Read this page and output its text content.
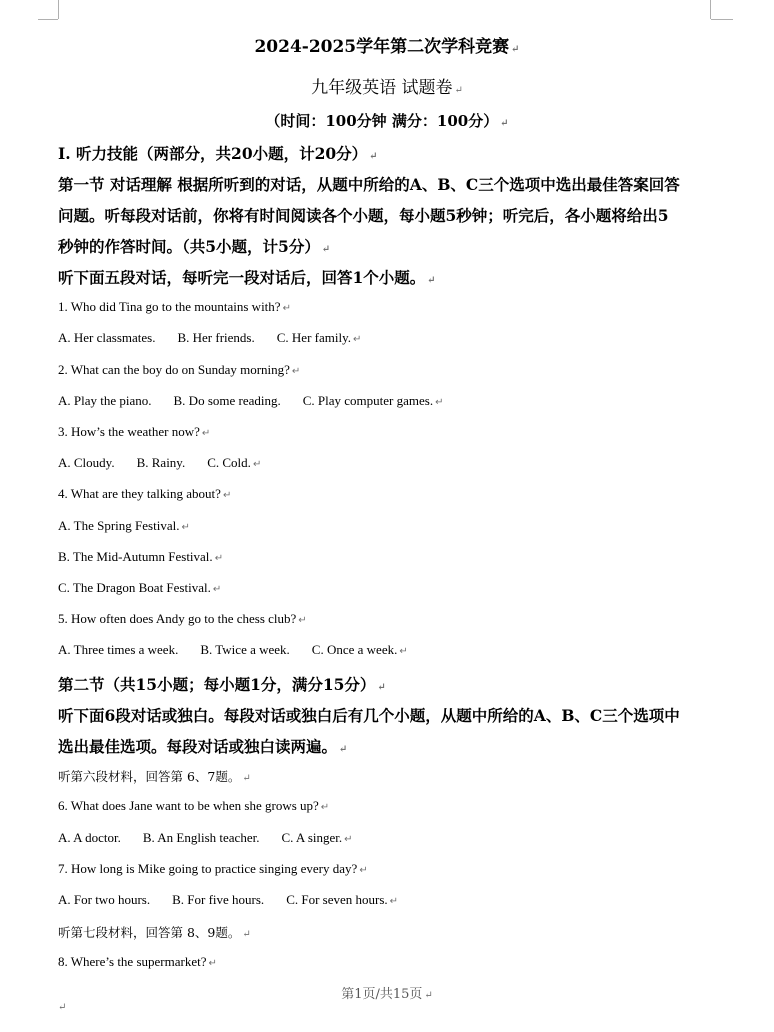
2024-2025学年第二次学科竞赛 ↵
九年级英语 试题卷 ↵
（时间：100分钟 满分：100分） ↵
Ⅰ. 听力技能（两部分，共20小题，计20分） ↵
第一节 对话理解 根据所听到的对话，从题中所给的A、B、C三个选项中选出最佳答案回答
问题。听每段对话前，你将有时间阅读各个小题，每小题5秒钟；听完后，各小题将给出5
秒钟的作答时间。（共5小题，计5分） ↵
听下面五段对话，每听完一段对话后，回答1个小题。 ↵
1. Who did Tina go to the mountains with? ↵
A. Her classmates. B. Her friends. C. Her family. ↵
2. What can the boy do on Sunday morning? ↵
A. Play the piano. B. Do some reading. C. Play computer games. ↵
3. How’s the weather now? ↵
A. Cloudy. B. Rainy. C. Cold. ↵
4. What are they talking about? ↵
A. The Spring Festival. ↵
B. The Mid-Autumn Festival. ↵
C. The Dragon Boat Festival. ↵
5. How often does Andy go to the chess club? ↵
A. Three times a week. B. Twice a week. C. Once a week. ↵
第二节（共15小题；每小题1分，满分15分） ↵
听下面6段对话或独白。每段对话或独白后有几个小题，从题中所给的A、B、C三个选项中
选出最佳选项。每段对话或独白读两遍。 ↵
听第六段材料，回答第 6、7题。 ↵
6. What does Jane want to be when she grows up? ↵
A. A doctor. B. An English teacher. C. A singer. ↵
7. How long is Mike going to practice singing every day? ↵
A. For two hours. B. For five hours. C. For seven hours. ↵
听第七段材料，回答第 8、9题。 ↵
8. Where’s the supermarket? ↵
第1页/共15页 ↵
↵
